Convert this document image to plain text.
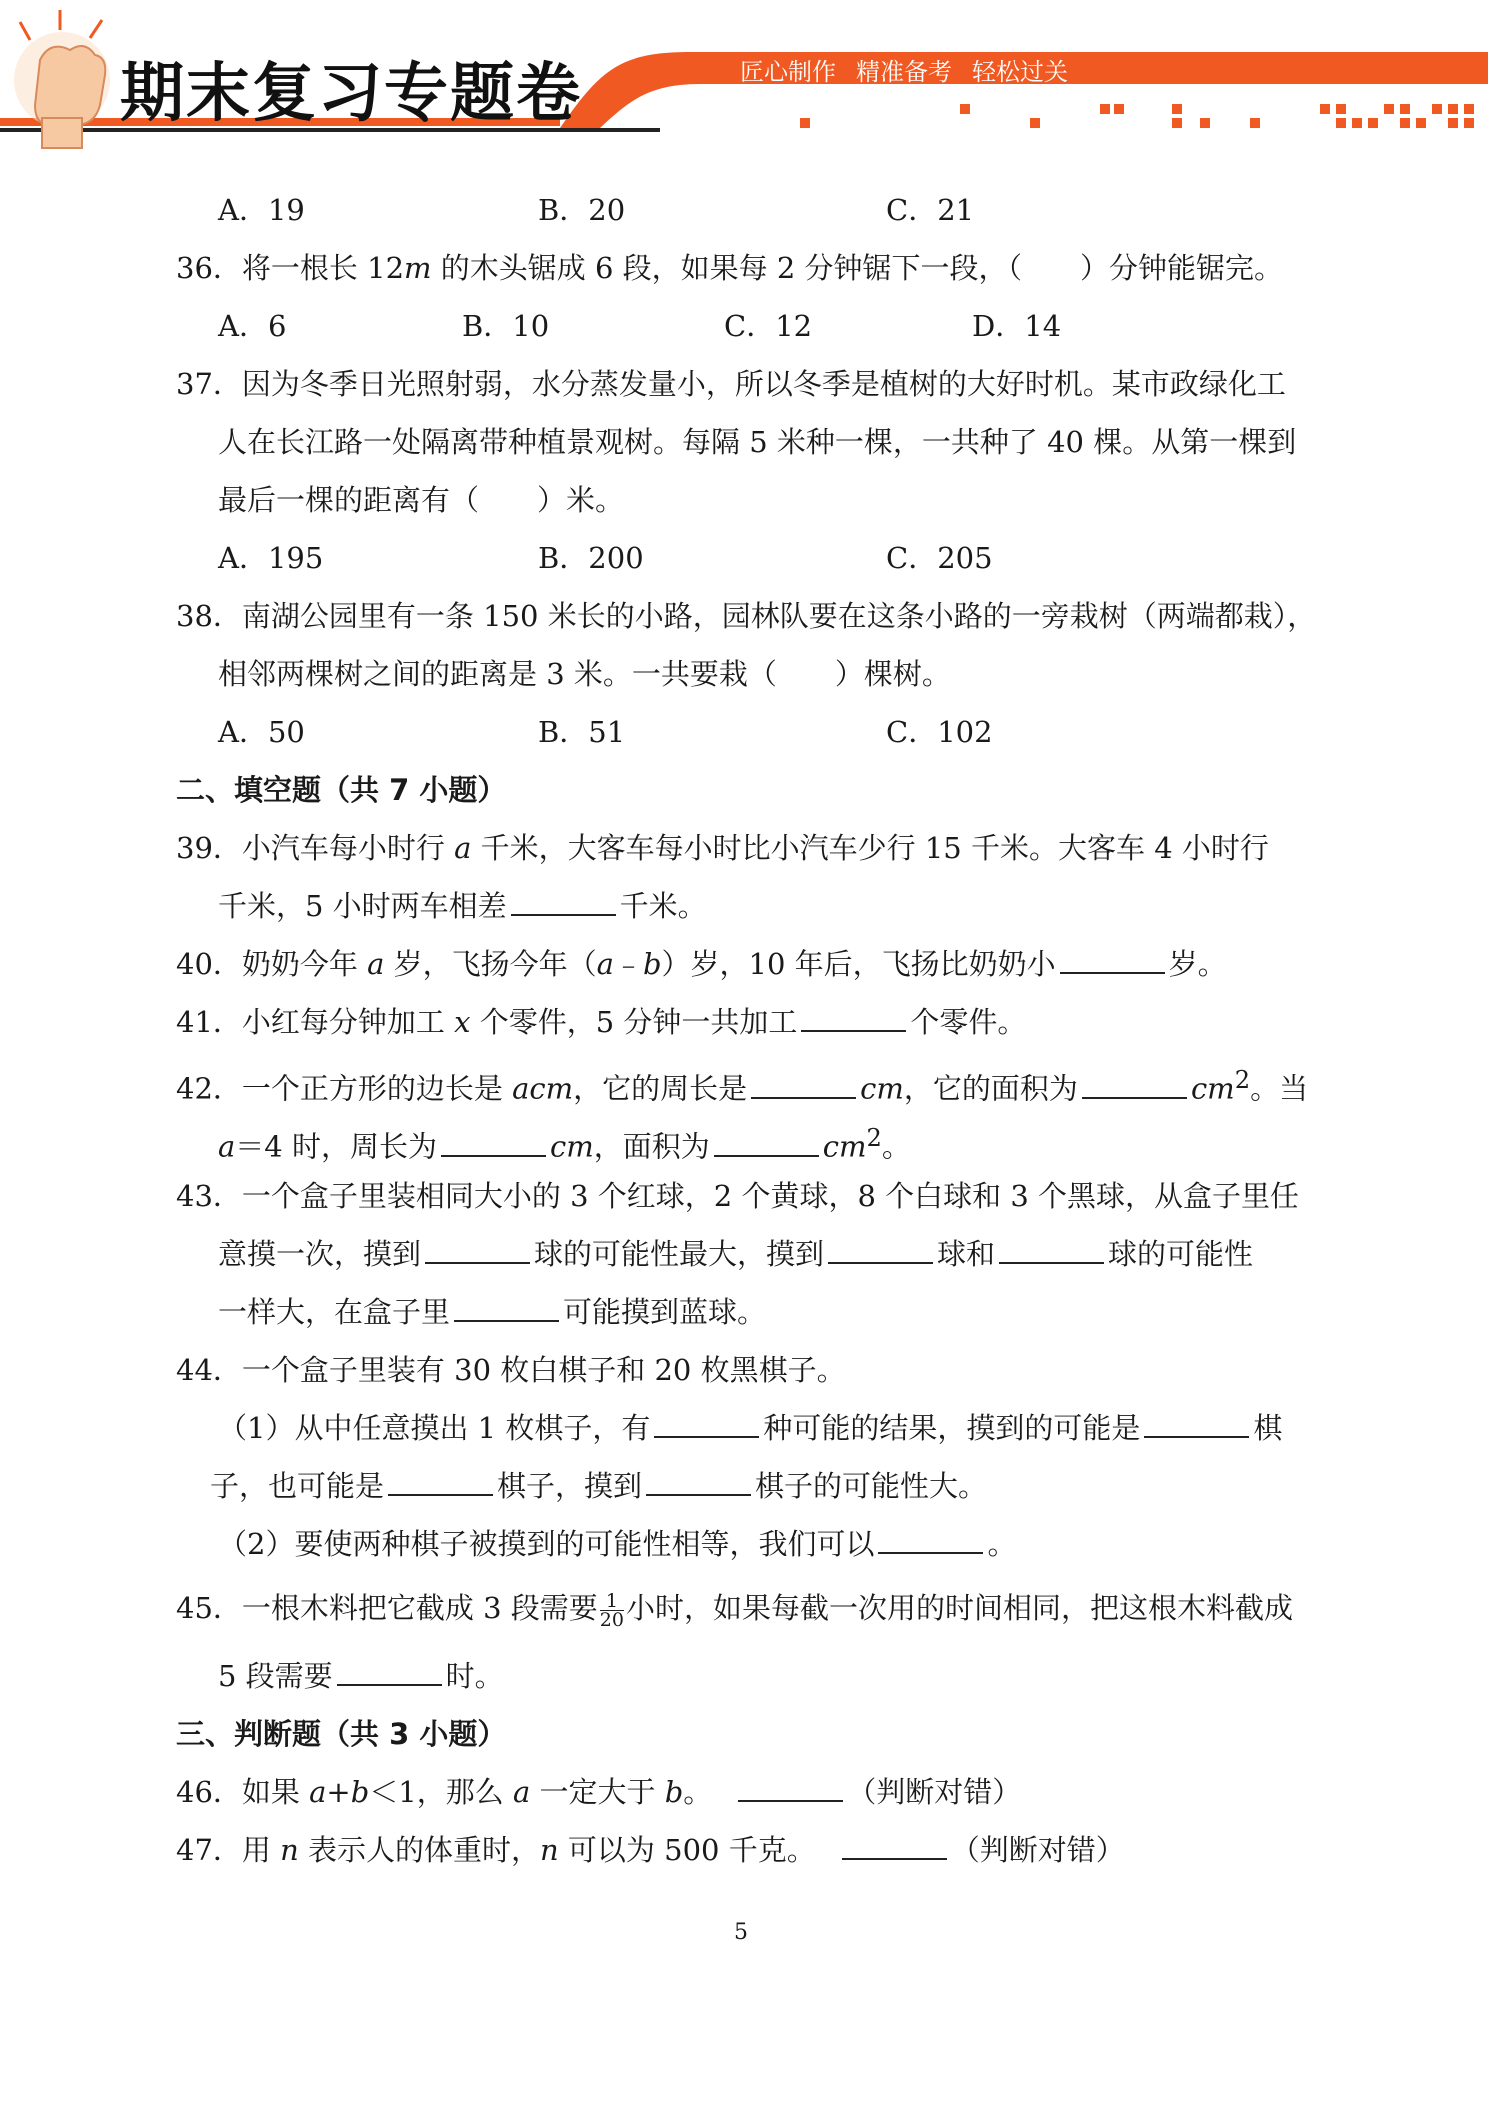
期末复习专题卷	匠心制作 精准备考 轻松过关
A．19	B．20	C．21
36．将一根长 12m 的木头锯成 6 段，如果每 2 分钟锯下一段，（　　）分钟能锯完。
A．6	B．10	C．12	D．14
37．因为冬季日光照射弱，水分蒸发量小，所以冬季是植树的大好时机。某市政绿化工
人在长江路一处隔离带种植景观树。每隔 5 米种一棵，一共种了 40 棵。从第一棵到
最后一棵的距离有（　　）米。
A．195	B．200	C．205
38．南湖公园里有一条 150 米长的小路，园林队要在这条小路的一旁栽树（两端都栽），
相邻两棵树之间的距离是 3 米。一共要栽（　　）棵树。
A．50	B．51	C．102
二、填空题（共 7 小题）
39．小汽车每小时行 a 千米，大客车每小时比小汽车少行 15 千米。大客车 4 小时行
千米，5 小时两车相差	千米。
40．奶奶今年 a 岁，飞扬今年（a﹣b）岁，10 年后，飞扬比奶奶小	岁。
41．小红每分钟加工 x 个零件，5 分钟一共加工	个零件。
42．一个正方形的边长是 acm，它的周长是	cm，它的面积为	$cm^2$。当
a＝4 时，周长为	cm，面积为	$cm^2$。
43．一个盒子里装相同大小的 3 个红球，2 个黄球，8 个白球和 3 个黑球，从盒子里任
意摸一次，摸到	球的可能性最大，摸到	球和	球的可能性
一样大，在盒子里	可能摸到蓝球。
44．一个盒子里装有 30 枚白棋子和 20 枚黑棋子。
（1）从中任意摸出 1 枚棋子，有	种可能的结果，摸到的可能是	棋
子，也可能是	棋子，摸到	棋子的可能性大。
（2）要使两种棋子被摸到的可能性相等，我们可以	。
45．一根木料把它截成 3 段需要 $\frac{1}{20}$ 小时，如果每截一次用的时间相同，把这根木料截成
5 段需要	时。
三、判断题（共 3 小题）
46．如果 a+b＜1，那么 a 一定大于 b。	（判断对错）
47．用 n 表示人的体重时，n 可以为 500 千克。	（判断对错）
5
